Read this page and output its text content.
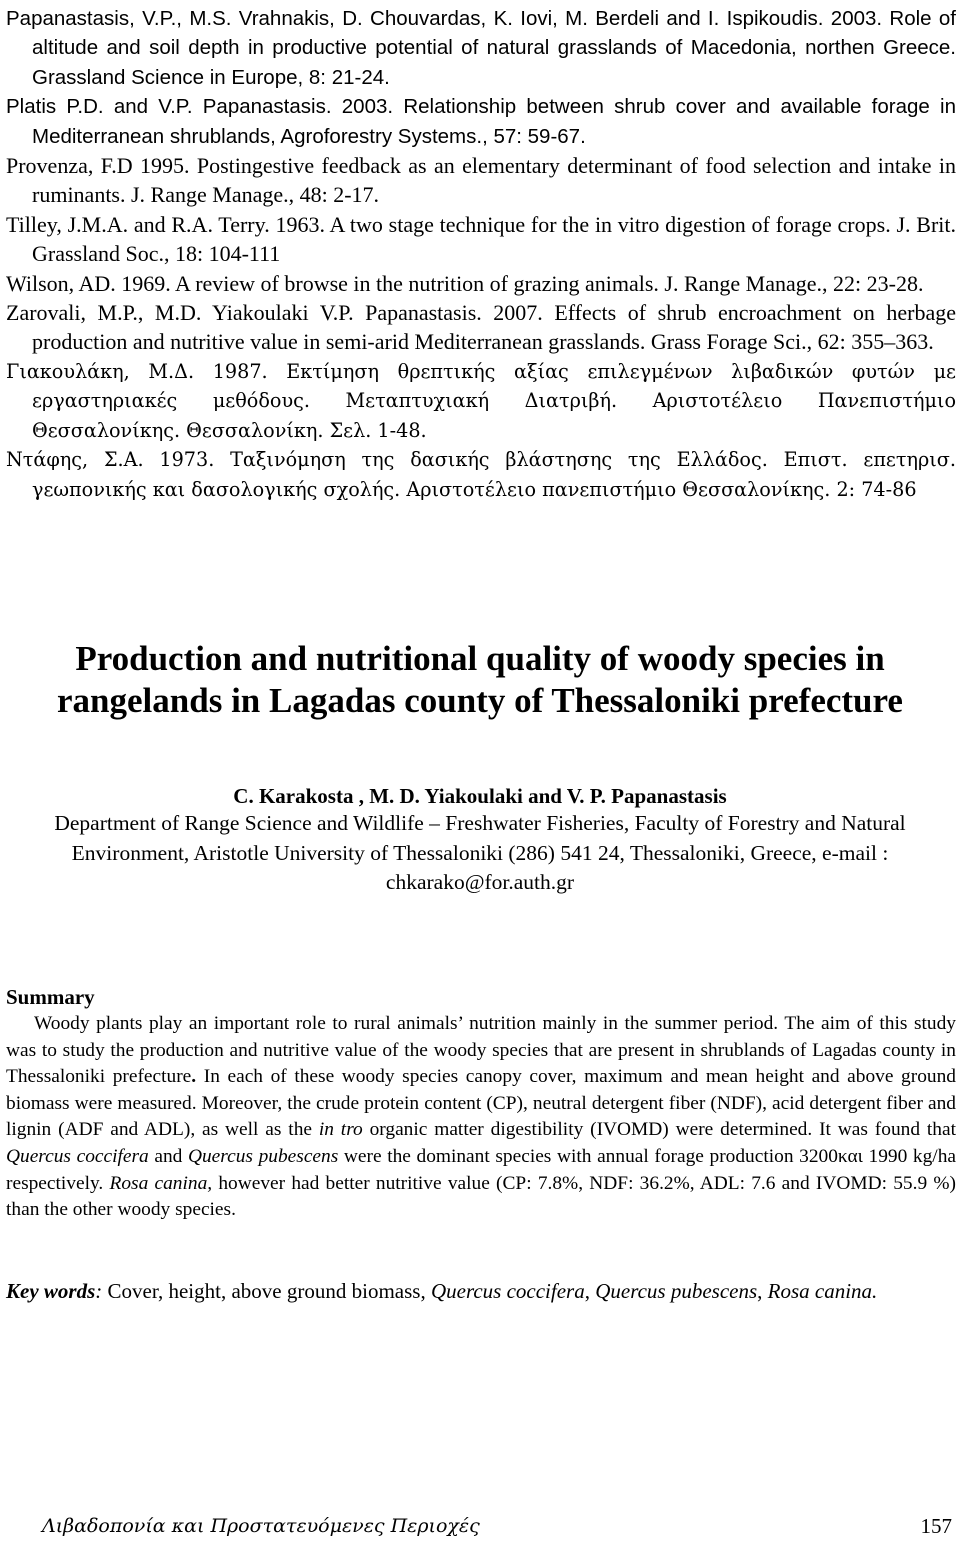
Papanastasis, V.P., M.S. Vrahnakis, D. Chouvardas, K. Iovi, M. Berdeli and I. Ispikoudis. 2003. Role of altitude and soil depth in productive potential of natural grasslands of Macedonia, northen Greece. Grassland Science in Europe, 8: 21-24.

Platis P.D. and V.P. Papanastasis. 2003. Relationship between shrub cover and available forage in Mediterranean shrublands, Agroforestry Systems., 57: 59-67.

Provenza, F.D 1995. Postingestive feedback as an elementary determinant of food selection and intake in ruminants. J. Range Manage., 48: 2-17.

Tilley, J.M.A. and R.A. Terry. 1963. A two stage technique for the in vitro digestion of forage crops. J. Brit. Grassland Soc., 18: 104-111

Wilson, AD. 1969. A review of browse in the nutrition of grazing animals. J. Range Manage., 22: 23-28.

Zarovali, M.P., M.D. Yiakoulaki V.P. Papanastasis. 2007. Effects of shrub encroachment on herbage production and nutritive value in semi-arid Mediterranean grasslands. Grass Forage Sci., 62: 355–363.

Γιακουλάκη, Μ.Δ. 1987. Εκτίμηση θρεπτικής αξίας επιλεγμένων λιβαδικών φυτών με εργαστηριακές μεθόδους. Μεταπτυχιακή Διατριβή. Αριστοτέλειο Πανεπιστήμιο Θεσσαλονίκης. Θεσσαλονίκη. Σελ. 1-48.

Ντάφης, Σ.Α. 1973. Ταξινόμηση της δασικής βλάστησης της Ελλάδος. Επιστ. επετηρισ. γεωπονικής και δασολογικής σχολής. Αριστοτέλειο πανεπιστήμιο Θεσσαλονίκης. 2: 74-86

Production and nutritional quality of woody species in rangelands in Lagadas county of Thessaloniki prefecture

C. Karakosta , M. D. Yiakoulaki and V. P. Papanastasis

Department of Range Science and Wildlife – Freshwater Fisheries, Faculty of Forestry and Natural Environment, Aristotle University of Thessaloniki (286) 541 24, Thessaloniki, Greece, e-mail : chkarako@for.auth.gr

Summary

Woody plants play an important role to rural animals’ nutrition mainly in the summer period. The aim of this study was to study the production and nutritive value of the woody species that are present in shrublands of Lagadas county in Thessaloniki prefecture. In each of these woody species canopy cover, maximum and mean height and above ground biomass were measured. Moreover, the crude protein content (CP), neutral detergent fiber (NDF), acid detergent fiber and lignin (ADF and ADL), as well as the in tro organic matter digestibility (IVOMD) were determined. It was found that Quercus coccifera and Quercus pubescens were the dominant species with annual forage production 3200και 1990 kg/ha respectively. Rosa canina, however had better nutritive value (CP: 7.8%, NDF: 36.2%, ADL: 7.6 and IVOMD: 55.9 %) than the other woody species.

Key words: Cover, height, above ground biomass, Quercus coccifera, Quercus pubescens, Rosa canina.

Λιβαδοπονία και Προστατευόμενες Περιοχές	157
